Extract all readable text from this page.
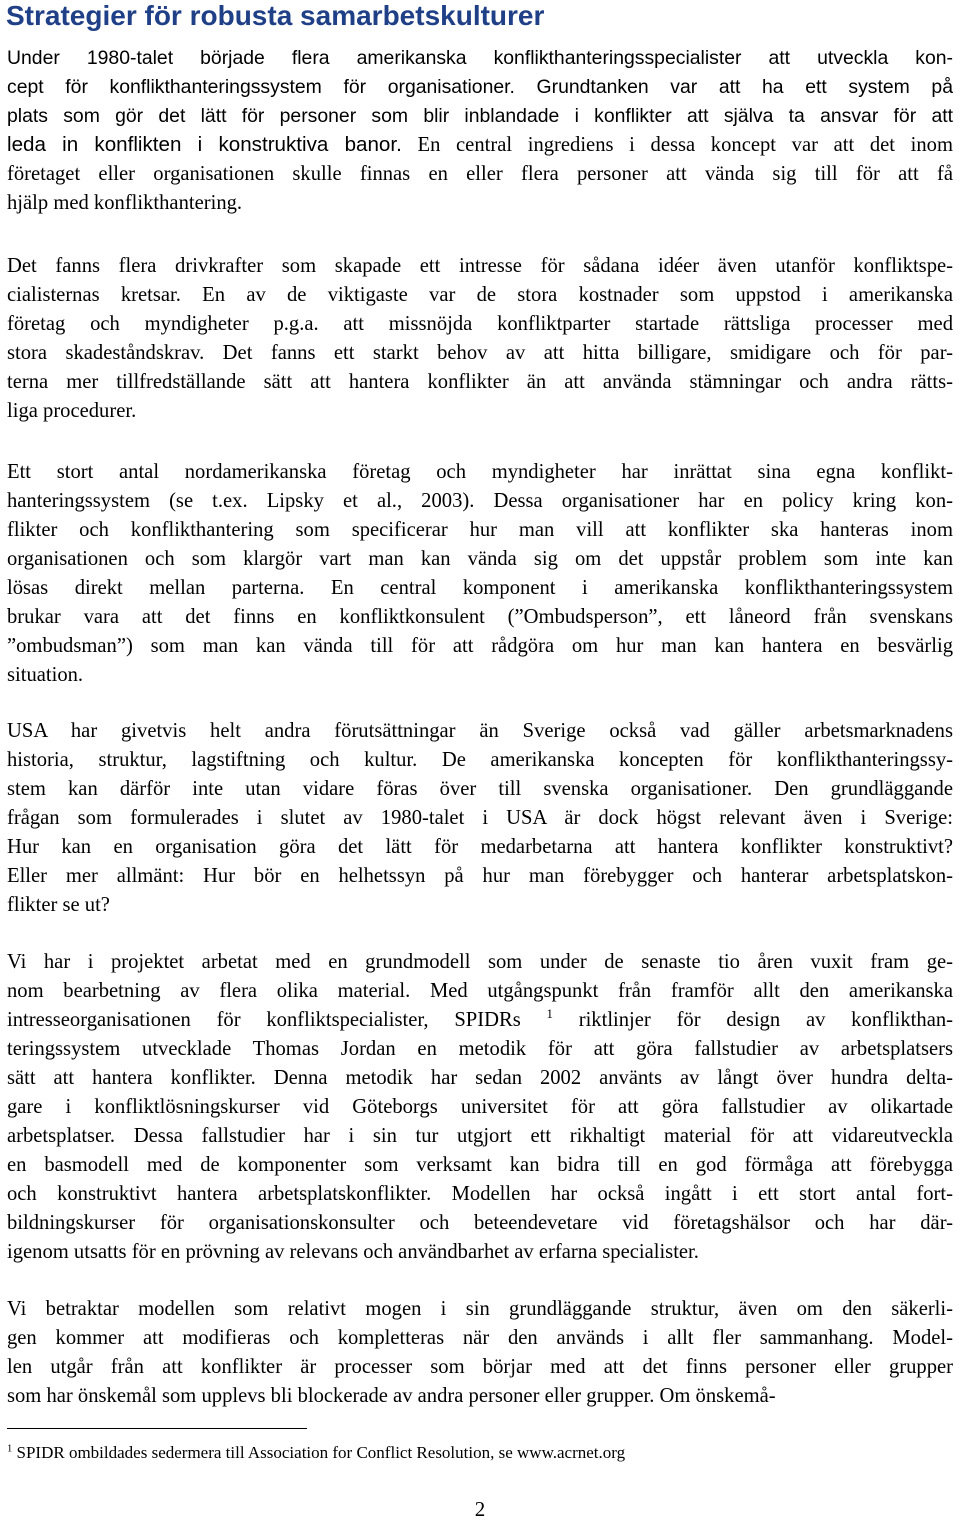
Strategier för robusta samarbetskulturer

Under 1980-talet började flera amerikanska konflikthanteringsspecialister att utveckla kon-

cept för konflikthanteringssystem för organisationer. Grundtanken var att ha ett system på

plats som gör det lätt för personer som blir inblandade i konflikter att själva ta ansvar för att

leda in konflikten i konstruktiva banor. En central ingrediens i dessa koncept var att det inom

företaget eller organisationen skulle finnas en eller flera personer att vända sig till för att få

hjälp med konflikthantering.

Det fanns flera drivkrafter som skapade ett intresse för sådana idéer även utanför konfliktspe-

cialisternas kretsar. En av de viktigaste var de stora kostnader som uppstod i amerikanska

företag och myndigheter p.g.a. att missnöjda konfliktparter startade rättsliga processer med

stora skadeståndskrav. Det fanns ett starkt behov av att hitta billigare, smidigare och för par-

terna mer tillfredställande sätt att hantera konflikter än att använda stämningar och andra rätts-

liga procedurer.

Ett stort antal nordamerikanska företag och myndigheter har inrättat sina egna konflikt-

hanteringssystem (se t.ex. Lipsky et al., 2003). Dessa organisationer har en policy kring kon-

flikter och konflikthantering som specificerar hur man vill att konflikter ska hanteras inom

organisationen och som klargör vart man kan vända sig om det uppstår problem som inte kan

lösas direkt mellan parterna. En central komponent i amerikanska konflikthanteringssystem

brukar vara att det finns en konfliktkonsulent (”Ombudsperson”, ett låneord från svenskans

”ombudsman”) som man kan vända till för att rådgöra om hur man kan hantera en besvärlig

situation.

USA har givetvis helt andra förutsättningar än Sverige också vad gäller arbetsmarknadens

historia, struktur, lagstiftning och kultur. De amerikanska koncepten för konflikthanteringssy-

stem kan därför inte utan vidare föras över till svenska organisationer. Den grundläggande

frågan som formulerades i slutet av 1980-talet i USA är dock högst relevant även i Sverige:

Hur kan en organisation göra det lätt för medarbetarna att hantera konflikter konstruktivt?

Eller mer allmänt: Hur bör en helhetssyn på hur man förebygger och hanterar arbetsplatskon-

flikter se ut?

Vi har i projektet arbetat med en grundmodell som under de senaste tio åren vuxit fram ge-

nom bearbetning av flera olika material. Med utgångspunkt från framför allt den amerikanska

intresseorganisationen för konfliktspecialister, SPIDRs $^1$ riktlinjer för design av konflikthan-

teringssystem utvecklade Thomas Jordan en metodik för att göra fallstudier av arbetsplatsers

sätt att hantera konflikter. Denna metodik har sedan 2002 använts av långt över hundra delta-

gare i konfliktlösningskurser vid Göteborgs universitet för att göra fallstudier av olikartade

arbetsplatser. Dessa fallstudier har i sin tur utgjort ett rikhaltigt material för att vidareutveckla

en basmodell med de komponenter som verksamt kan bidra till en god förmåga att förebygga

och konstruktivt hantera arbetsplatskonflikter. Modellen har också ingått i ett stort antal fort-

bildningskurser för organisationskonsulter och beteendevetare vid företagshälsor och har där-

igenom utsatts för en prövning av relevans och användbarhet av erfarna specialister.

Vi betraktar modellen som relativt mogen i sin grundläggande struktur, även om den säkerli-

gen kommer att modifieras och kompletteras när den används i allt fler sammanhang. Model-

len utgår från att konflikter är processer som börjar med att det finns personer eller grupper

som har önskemål som upplevs bli blockerade av andra personer eller grupper. Om önskemå-

$^1$ SPIDR ombildades sedermera till Association for Conflict Resolution, se www.acrnet.org

2
